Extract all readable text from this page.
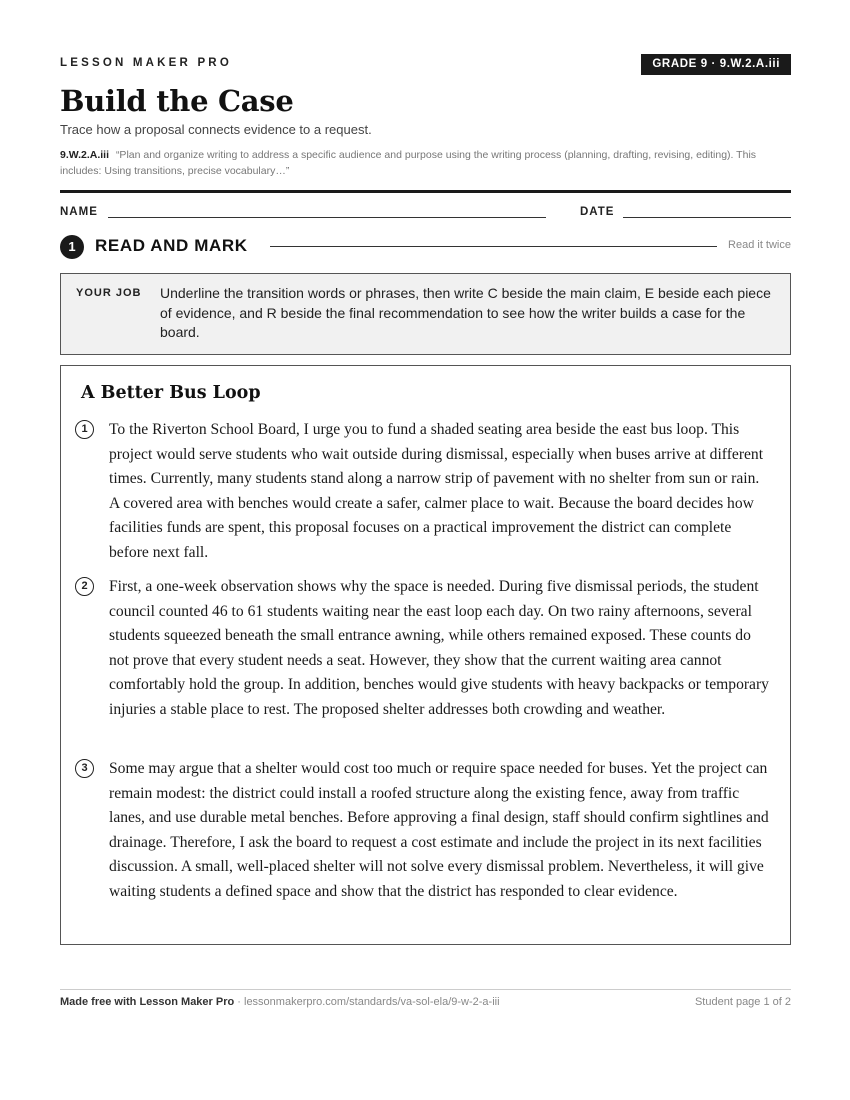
LESSON MAKER PRO	GRADE 9 · 9.W.2.A.iii
Build the Case
Trace how a proposal connects evidence to a request.
9.W.2.A.iii “Plan and organize writing to address a specific audience and purpose using the writing process (planning, drafting, revising, editing). This includes: Using transitions, precise vocabulary…”
NAME	DATE
1	READ AND MARK	Read it twice
YOUR JOB Underline the transition words or phrases, then write C beside the main claim, E beside each piece of evidence, and R beside the final recommendation to see how the writer builds a case for the board.
A Better Bus Loop
1	To the Riverton School Board, I urge you to fund a shaded seating area beside the east bus loop. This project would serve students who wait outside during dismissal, especially when buses arrive at different times. Currently, many students stand along a narrow strip of pavement with no shelter from sun or rain. A covered area with benches would create a safer, calmer place to wait. Because the board decides how facilities funds are spent, this proposal focuses on a practical improvement the district can complete before next fall.

2	First, a one-week observation shows why the space is needed. During five dismissal periods, the student council counted 46 to 61 students waiting near the east loop each day. On two rainy afternoons, several students squeezed beneath the small entrance awning, while others remained exposed. These counts do not prove that every student needs a seat. However, they show that the current waiting area cannot comfortably hold the group. In addition, benches would give students with heavy backpacks or temporary injuries a stable place to rest. The proposed shelter addresses both crowding and weather.

3	Some may argue that a shelter would cost too much or require space needed for buses. Yet the project can remain modest: the district could install a roofed structure along the existing fence, away from traffic lanes, and use durable metal benches. Before approving a final design, staff should confirm sightlines and drainage. Therefore, I ask the board to request a cost estimate and include the project in its next facilities discussion. A small, well-placed shelter will not solve every dismissal problem. Nevertheless, it will give waiting students a defined space and show that the district has responded to clear evidence.

Made free with Lesson Maker Pro · lessonmakerpro.com/standards/va-sol-ela/9-w-2-a-iii	Student page 1 of 2
